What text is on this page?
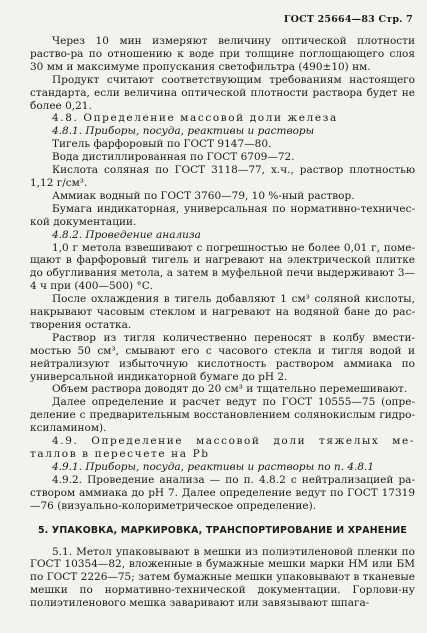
ГОСТ 25664—83 Стр. 7

Через 10 мин измеряют величину оптической плотности раство-ра по отношению к воде при толщине поглощающего слоя 30 мм и максимуме пропускания светофильтра (490±10) нм.

Продукт считают соответствующим требованиям настоящего стандарта, если величина оптической плотности раствора будет не более 0,21.

4.8. Определение массовой доли железа

4.8.1. Приборы, посуда, реактивы и растворы

Тигель фарфоровый по ГОСТ 9147—80.

Вода дистиллированная по ГОСТ 6709—72.

Кислота соляная по ГОСТ 3118—77, х.ч., раствор плотностью 1,12 г/см³.

Аммиак водный по ГОСТ 3760—79, 10 %-ный раствор.

Бумага индикаторная, универсальная по нормативно-техничес-кой документации.

4.8.2. Проведение анализа

1,0 г метола взвешивают с погрешностью не более 0,01 г, поме-щают в фарфоровый тигель и нагревают на электрической плитке до обугливания метола, а затем в муфельной печи выдерживают 3—4 ч при (400—500) °С.

После охлаждения в тигель добавляют 1 см³ соляной кислоты, накрывают часовым стеклом и нагревают на водяной бане до рас-творения остатка.

Раствор из тигля количественно переносят в колбу вмести-мостью 50 см³, смывают его с часового стекла и тигля водой и нейтрализуют избыточную кислотность раствором аммиака по универсальной индикаторной бумаге до рН 2.

Объем раствора доводят до 20 см³ и тщательно перемешивают.

Далее определение и расчет ведут по ГОСТ 10555—75 (опре-деление с предварительным восстановлением солянокислым гидро-ксиламином).

4.9. Определение массовой доли тяжелых ме-таллов в пересчете на Pb

4.9.1. Приборы, посуда, реактивы и растворы по п. 4.8.1

4.9.2. Проведение анализа — по п. 4.8.2 с нейтрализацией ра-створом аммиака до рН 7. Далее определение ведут по ГОСТ 17319—76 (визуально-колориметрическое определение).

5. УПАКОВКА, МАРКИРОВКА, ТРАНСПОРТИРОВАНИЕ И ХРАНЕНИЕ

5.1. Метол упаковывают в мешки из полиэтиленовой пленки по ГОСТ 10354—82, вложенные в бумажные мешки марки НМ или БМ по ГОСТ 2226—75; затем бумажные мешки упаковывают в тканевые мешки по нормативно-технической документации. Горлови-ну полиэтиленового мешка заваривают или завязывают шпага-
